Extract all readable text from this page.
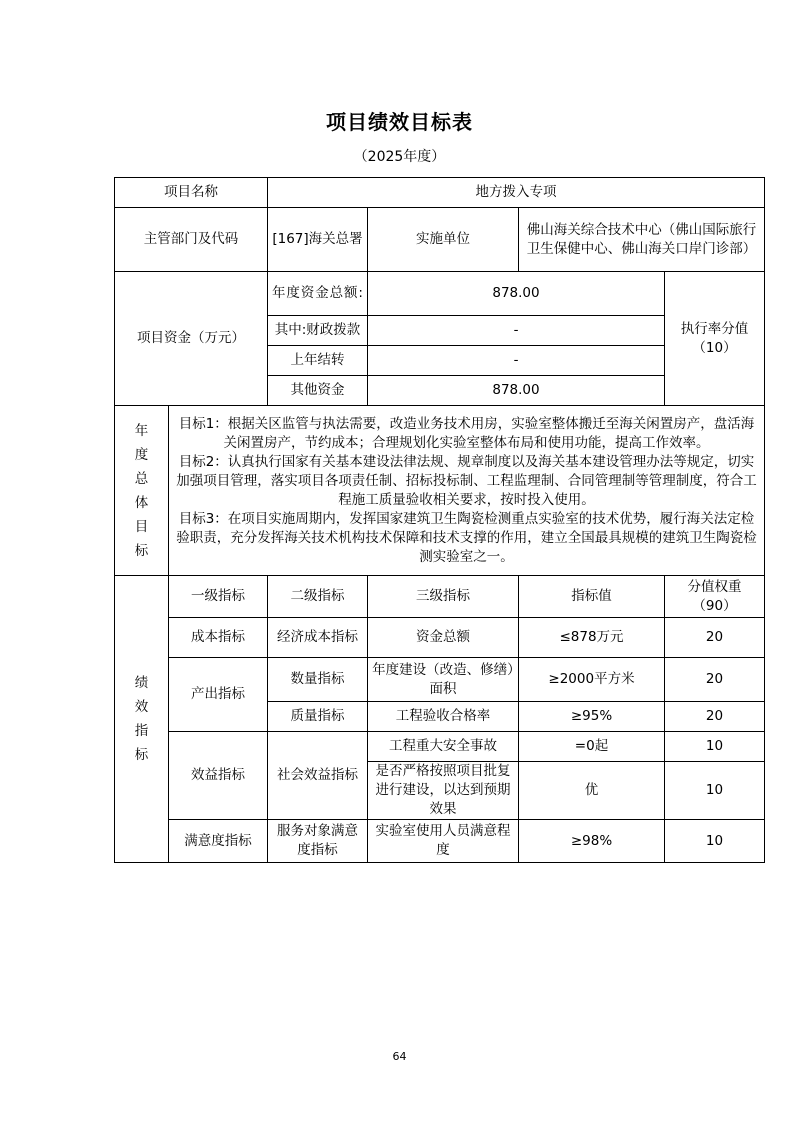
项目绩效目标表
（2025年度）
项目名称		地方拨入专项			
主管部门及代码		[167]海关总署	实施单位	佛山海关综合技术中心（佛山国际旅行卫生保健中心、佛山海关口岸门诊部）	
项目资金（万元）		年度资金总额:	878.00		执行率分值（10）
		其中:财政拨款	-		
		上年结转	-		
		其他资金	878.00		
年度总体目标	目标1：根据关区监管与执法需要，改造业务技术用房，实验室整体搬迁至海关闲置房产，盘活海关闲置房产，节约成本；合理规划化实验室整体布局和使用功能，提高工作效率。

目标2：认真执行国家有关基本建设法律法规、规章制度以及海关基本建设管理办法等规定，切实加强项目管理，落实项目各项责任制、招标投标制、工程监理制、合同管理制等管理制度，符合工程施工质量验收相关要求，按时投入使用。

目标3：在项目实施周期内，发挥国家建筑卫生陶瓷检测重点实验室的技术优势，履行海关法定检验职责，充分发挥海关技术机构技术保障和技术支撑的作用，建立全国最具规模的建筑卫生陶瓷检测实验室之一。				

绩效指标	一级指标	二级指标	三级指标	指标值	分值权重（90）
	成本指标	经济成本指标	资金总额	≤878万元	20
	产出指标	数量指标	年度建设（改造、修缮）面积	≥2000平方米	20
		质量指标	工程验收合格率	≥95%	20
	效益指标	社会效益指标	工程重大安全事故	=0起	10
			是否严格按照项目批复进行建设，以达到预期效果	优	10
	满意度指标	服务对象满意度指标	实验室使用人员满意程度	≥98%	10
64
